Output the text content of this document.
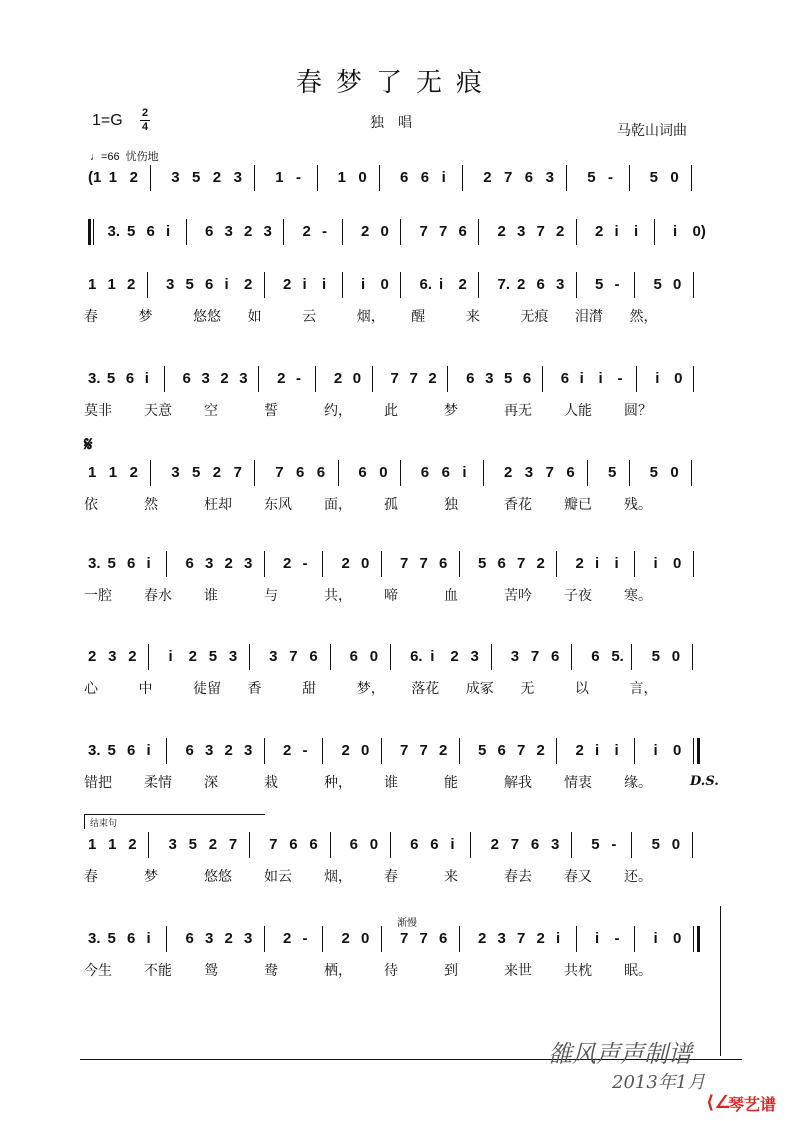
春梦了无痕
1=G 2
4	独唱	马乾山词曲
♩=66 忧伤地
(1 1 2 3 5 2 3 1 - 1 0 6 6 i 2 7 6 3 5 - 5 0
3. 5 6 i 6 3 2 3 2 - 2 0 7 7 6 2 3 7 2 2 i i i 0)
1 1 2 3 5 6 i 2 2 i i i 0 6. i 2 7. 2 6 3 5 - 5 0
春	梦	悠悠 如	云	烟， 醒	来	无痕 泪潸 然，
3. 5 6 i 6 3 2 3 2 - 2 0 7 7 2 6 3 5 6 6 i i - i 0
莫非 天意 空	誓	约， 此	梦	再无 人能 圆？
1 1 2 3 5 2 7 7 6 6 6 0 6 6 i 2 3 7 6 5 5 0
依	然	枉却 东风 面， 孤	独	香花 瓣已 残。
3. 5 6 i 6 3 2 3 2 - 2 0 7 7 6 5 6 7 2 2 i i i 0
一腔 春水 谁	与	共， 啼	血	苦吟 子夜 寒。
2 3 2 i 2 5 3 3 7 6 6 0 6. i 2 3 3 7 6 6 5. 5 0
心	中	徒留 香	甜	梦， 落花 成冢 无	以	言，
3. 5 6 i 6 3 2 3 2 - 2 0 7 7 2 5 6 7 2 2 i i i 0
错把 柔情 深	栽	种， 谁	能	解我 情衷 缘。
1 1 2 3 5 2 7 7 6 6 6 0 6 6 i 2 7 6 3 5 - 5 0
春	梦	悠悠 如云 烟， 春	来	春去 春又 还。
3. 5 6 i 6 3 2 3 2 - 2 0 7 7 6 2 3 7 2 i i - i 0
今生 不能 鸳	鸯	栖， 待	到	来世 共枕 眠。
𝄋
D.S.
结束句
渐慢
雒风声声制谱
2013年1月
⟨∠
琴艺谱
